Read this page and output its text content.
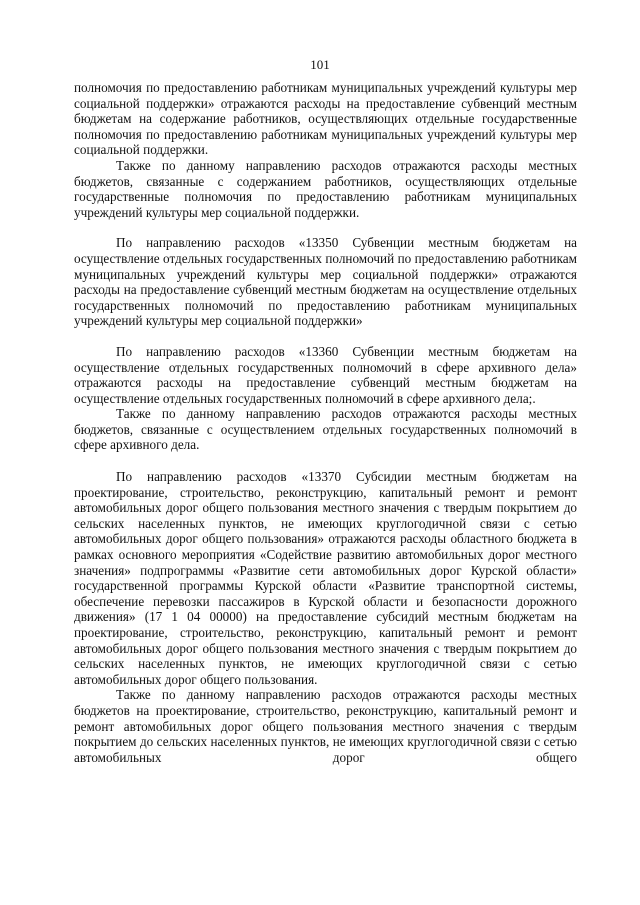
101

полномочия по предоставлению работникам муниципальных учреждений культуры мер социальной поддержки» отражаются расходы на предоставление субвенций местным бюджетам на содержание работников, осуществляющих отдельные государственные полномочия по предоставлению работникам муниципальных учреждений культуры мер социальной поддержки.

Также по данному направлению расходов отражаются расходы местных бюджетов, связанные с содержанием работников, осуществляющих отдельные государственные полномочия по предоставлению работникам муниципальных учреждений культуры мер социальной поддержки.

По направлению расходов «13350 Субвенции местным бюджетам на осуществление отдельных государственных полномочий по предоставлению работникам муниципальных учреждений культуры мер социальной поддержки» отражаются расходы на предоставление субвенций местным бюджетам на осуществление отдельных государственных полномочий по предоставлению работникам муниципальных учреждений культуры мер социальной поддержки»

По направлению расходов «13360 Субвенции местным бюджетам на осуществление отдельных государственных полномочий в сфере архивного дела» отражаются расходы на предоставление субвенций местным бюджетам на осуществление отдельных государственных полномочий в сфере архивного дела;.

Также по данному направлению расходов отражаются расходы местных бюджетов, связанные с осуществлением отдельных государственных полномочий в сфере архивного дела.

По направлению расходов «13370 Субсидии местным бюджетам на проектирование, строительство, реконструкцию, капитальный ремонт и ремонт автомобильных дорог общего пользования местного значения с твердым покрытием до сельских населенных пунктов, не имеющих круглогодичной связи с сетью автомобильных дорог общего пользования» отражаются расходы областного бюджета в рамках основного мероприятия «Содействие развитию автомобильных дорог местного значения» подпрограммы «Развитие сети автомобильных дорог Курской области» государственной программы Курской области «Развитие транспортной системы, обеспечение перевозки пассажиров в Курской области и безопасности дорожного движения» (17 1 04 00000) на предоставление субсидий местным бюджетам на проектирование, строительство, реконструкцию, капитальный ремонт и ремонт автомобильных дорог общего пользования местного значения с твердым покрытием до сельских населенных пунктов, не имеющих круглогодичной связи с сетью автомобильных дорог общего пользования.

Также по данному направлению расходов отражаются расходы местных бюджетов на проектирование, строительство, реконструкцию, капитальный ремонт и ремонт автомобильных дорог общего пользования местного значения с твердым покрытием до сельских населенных пунктов, не имеющих круглогодичной связи с сетью автомобильных дорог общего
